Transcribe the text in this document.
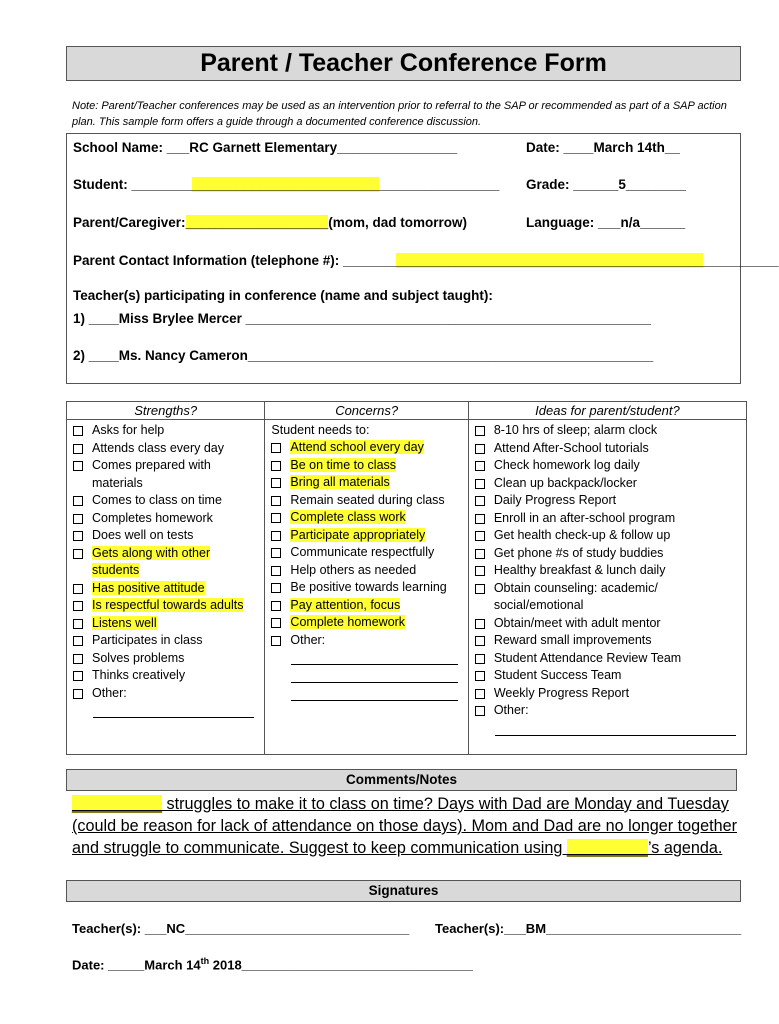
Parent / Teacher Conference Form
Note: Parent/Teacher conferences may be used as an intervention prior to referral to the SAP or recommended as part of a SAP action plan. This sample form offers a guide through a documented conference discussion.
School Name: ___RC Garnett Elementary________________	Date: ____March 14th__
Student: _________________________________________________ Grade: ______5________
Parent/Caregiver:___________________(mom, dad tomorrow)	Language: ___n/a______
Parent Contact Information (telephone #): __________________________________________________________
Teacher(s) participating in conference (name and subject taught):
1) ____Miss Brylee Mercer ______________________________________________________
2) ____Ms. Nancy Cameron______________________________________________________
Strengths?
Asks for help
Attends class every day
Comes prepared with materials
Comes to class on time
Completes homework
Does well on tests
Gets along with other students
Has positive attitude
Is respectful towards adults
Listens well
Participates in class
Solves problems
Thinks creatively
Other:
Concerns?
Student needs to:
Attend school every day
Be on time to class
Bring all materials
Remain seated during class
Complete class work
Participate appropriately
Communicate respectfully
Help others as needed
Be positive towards learning
Pay attention, focus
Complete homework
Other:
Ideas for parent/student?
8-10 hrs of sleep; alarm clock
Attend After-School tutorials
Check homework log daily
Clean up backpack/locker
Daily Progress Report
Enroll in an after-school program
Get health check-up & follow up
Get phone #s of study buddies
Healthy breakfast & lunch daily
Obtain counseling: academic/ social/emotional
Obtain/meet with adult mentor
Reward small improvements
Student Attendance Review Team
Student Success Team
Weekly Progress Report
Other:
Comments/Notes
__________ struggles to make it to class on time? Days with Dad are Monday and Tuesday (could be reason for lack of attendance on those days). Mom and Dad are no longer together and struggle to communicate. Suggest to keep communication using _________’s agenda.
Signatures
Teacher(s): ___NC_______________________________ Teacher(s):___BM___________________________
Date: _____March 14th 2018________________________________
